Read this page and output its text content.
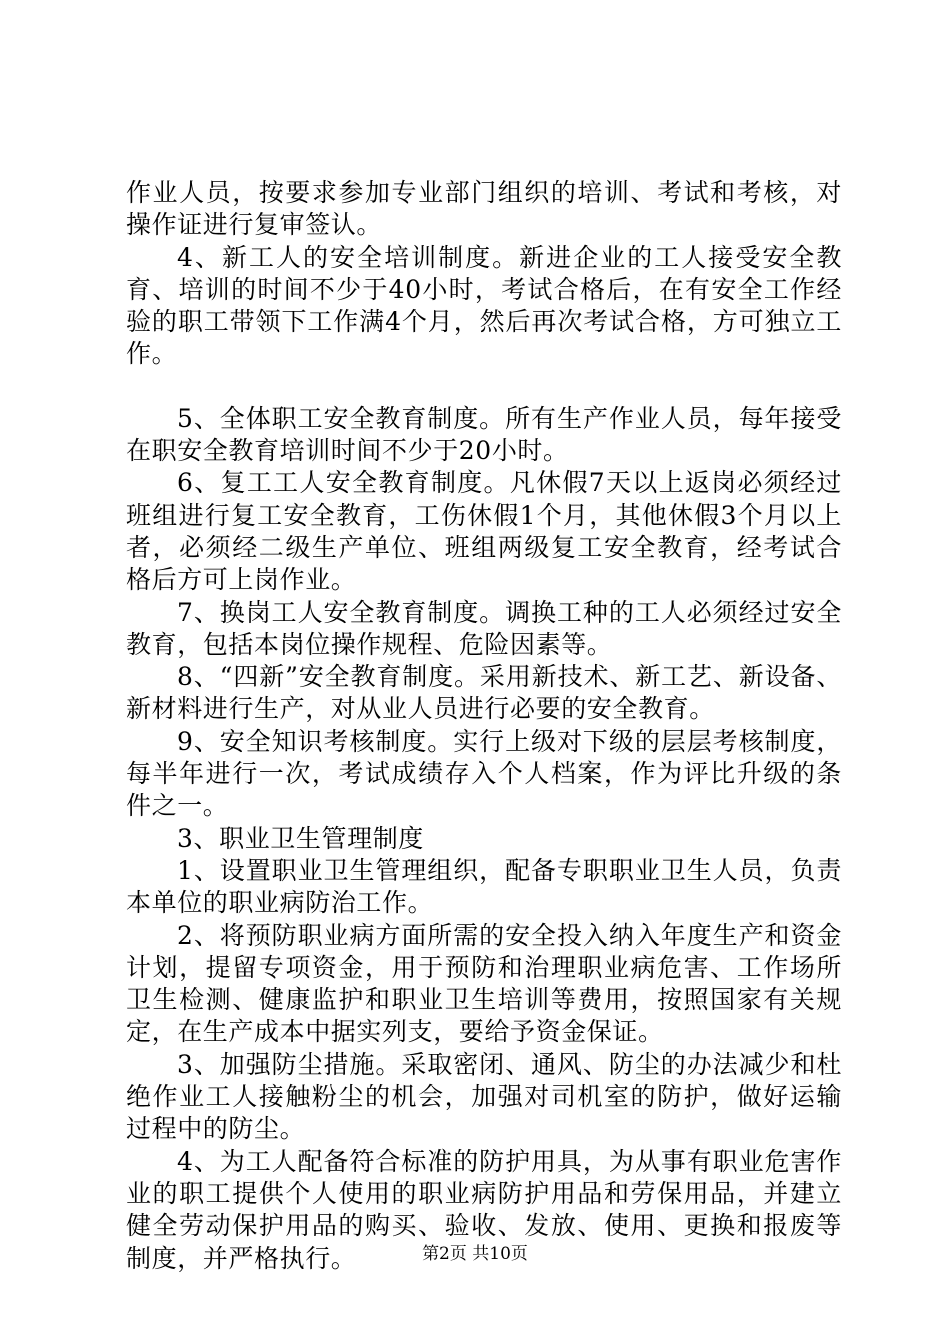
作业人员，按要求参加专业部门组织的培训、考试和考核，对操作证进行复审签认。

4、新工人的安全培训制度。新进企业的工人接受安全教育、培训的时间不少于40小时，考试合格后，在有安全工作经验的职工带领下工作满4个月，然后再次考试合格，方可独立工作。

5、全体职工安全教育制度。所有生产作业人员，每年接受在职安全教育培训时间不少于20小时。

6、复工工人安全教育制度。凡休假7天以上返岗必须经过班组进行复工安全教育，工伤休假1个月，其他休假3个月以上者，必须经二级生产单位、班组两级复工安全教育，经考试合格后方可上岗作业。

7、换岗工人安全教育制度。调换工种的工人必须经过安全教育，包括本岗位操作规程、危险因素等。

8、“四新”安全教育制度。采用新技术、新工艺、新设备、新材料进行生产，对从业人员进行必要的安全教育。

9、安全知识考核制度。实行上级对下级的层层考核制度，每半年进行一次，考试成绩存入个人档案，作为评比升级的条件之一。

3、职业卫生管理制度

1、设置职业卫生管理组织，配备专职职业卫生人员，负责本单位的职业病防治工作。

2、将预防职业病方面所需的安全投入纳入年度生产和资金计划，提留专项资金，用于预防和治理职业病危害、工作场所卫生检测、健康监护和职业卫生培训等费用，按照国家有关规定，在生产成本中据实列支，要给予资金保证。

3、加强防尘措施。采取密闭、通风、防尘的办法减少和杜绝作业工人接触粉尘的机会，加强对司机室的防护，做好运输过程中的防尘。

4、为工人配备符合标准的防护用具，为从事有职业危害作业的职工提供个人使用的职业病防护用品和劳保用品，并建立健全劳动保护用品的购买、验收、发放、使用、更换和报废等制度，并严格执行。	第2页 共10页
